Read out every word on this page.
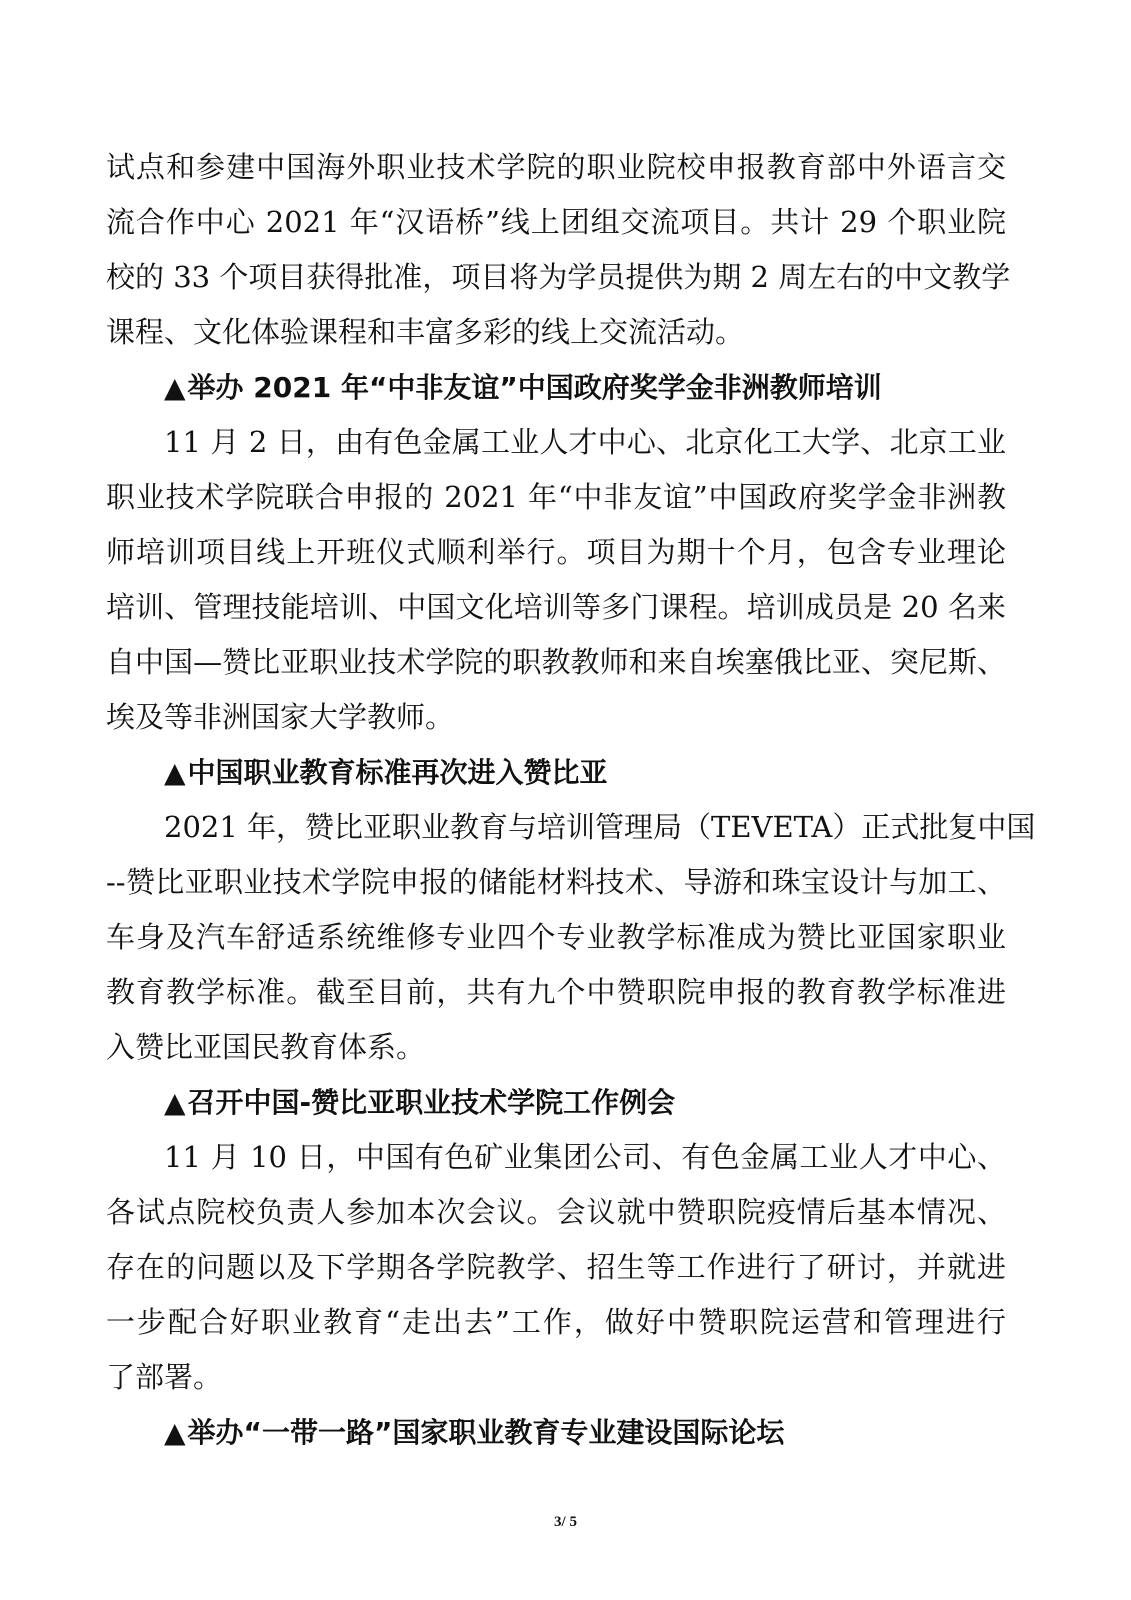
试点和参建中国海外职业技术学院的职业院校申报教育部中外语言交
流合作中心 2021 年“汉语桥”线上团组交流项目。共计 29 个职业院
校的 33 个项目获得批准，项目将为学员提供为期 2 周左右的中文教学
课程、文化体验课程和丰富多彩的线上交流活动。
▲举办 2021 年“中非友谊”中国政府奖学金非洲教师培训
11 月 2 日，由有色金属工业人才中心、北京化工大学、北京工业
职业技术学院联合申报的 2021 年“中非友谊”中国政府奖学金非洲教
师培训项目线上开班仪式顺利举行。项目为期十个月，包含专业理论
培训、管理技能培训、中国文化培训等多门课程。培训成员是 20 名来
自中国—赞比亚职业技术学院的职教教师和来自埃塞俄比亚、突尼斯、
埃及等非洲国家大学教师。
▲中国职业教育标准再次进入赞比亚
2021 年，赞比亚职业教育与培训管理局（TEVETA）正式批复中国
--赞比亚职业技术学院申报的储能材料技术、导游和珠宝设计与加工、
车身及汽车舒适系统维修专业四个专业教学标准成为赞比亚国家职业
教育教学标准。截至目前，共有九个中赞职院申报的教育教学标准进
入赞比亚国民教育体系。
▲召开中国-赞比亚职业技术学院工作例会
11 月 10 日，中国有色矿业集团公司、有色金属工业人才中心、
各试点院校负责人参加本次会议。会议就中赞职院疫情后基本情况、
存在的问题以及下学期各学院教学、招生等工作进行了研讨，并就进
一步配合好职业教育“走出去”工作，做好中赞职院运营和管理进行
了部署。
▲举办“一带一路”国家职业教育专业建设国际论坛
3/ 5
